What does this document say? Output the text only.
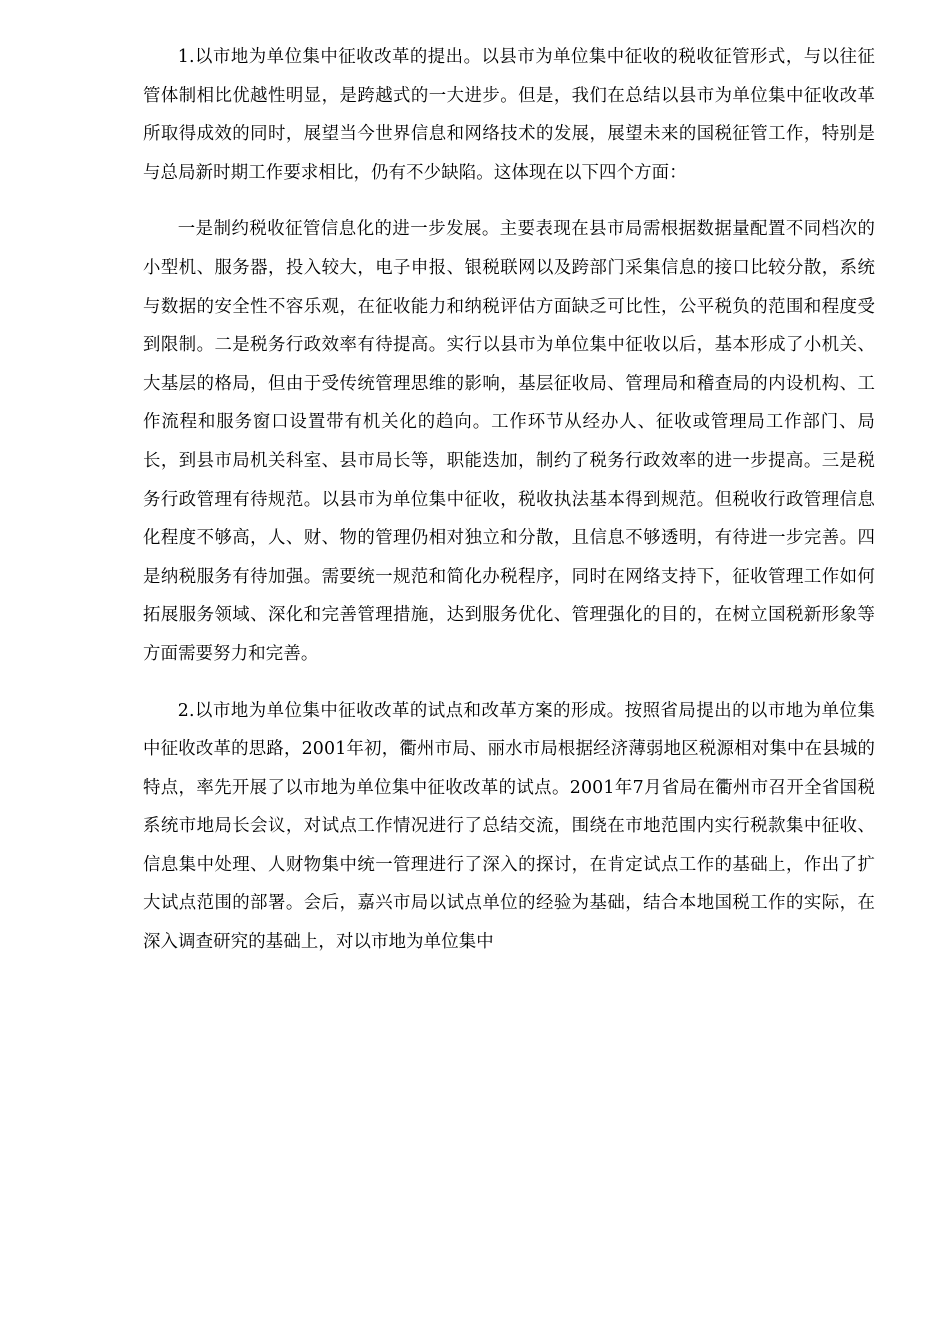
1.以市地为单位集中征收改革的提出。以县市为单位集中征收的税收征管形式，与以往征管体制相比优越性明显，是跨越式的一大进步。但是，我们在总结以县市为单位集中征收改革所取得成效的同时，展望当今世界信息和网络技术的发展，展望未来的国税征管工作，特别是与总局新时期工作要求相比，仍有不少缺陷。这体现在以下四个方面：

一是制约税收征管信息化的进一步发展。主要表现在县市局需根据数据量配置不同档次的小型机、服务器，投入较大，电子申报、银税联网以及跨部门采集信息的接口比较分散，系统与数据的安全性不容乐观，在征收能力和纳税评估方面缺乏可比性，公平税负的范围和程度受到限制。二是税务行政效率有待提高。实行以县市为单位集中征收以后，基本形成了小机关、大基层的格局，但由于受传统管理思维的影响，基层征收局、管理局和稽查局的内设机构、工作流程和服务窗口设置带有机关化的趋向。工作环节从经办人、征收或管理局工作部门、局长，到县市局机关科室、县市局长等，职能迭加，制约了税务行政效率的进一步提高。三是税务行政管理有待规范。以县市为单位集中征收，税收执法基本得到规范。但税收行政管理信息化程度不够高，人、财、物的管理仍相对独立和分散，且信息不够透明，有待进一步完善。四是纳税服务有待加强。需要统一规范和简化办税程序，同时在网络支持下，征收管理工作如何拓展服务领域、深化和完善管理措施，达到服务优化、管理强化的目的，在树立国税新形象等方面需要努力和完善。

2.以市地为单位集中征收改革的试点和改革方案的形成。按照省局提出的以市地为单位集中征收改革的思路，2001年初，衢州市局、丽水市局根据经济薄弱地区税源相对集中在县城的特点，率先开展了以市地为单位集中征收改革的试点。2001年7月省局在衢州市召开全省国税系统市地局长会议，对试点工作情况进行了总结交流，围绕在市地范围内实行税款集中征收、信息集中处理、人财物集中统一管理进行了深入的探讨，在肯定试点工作的基础上，作出了扩大试点范围的部署。会后，嘉兴市局以试点单位的经验为基础，结合本地国税工作的实际，在深入调查研究的基础上，对以市地为单位集中
